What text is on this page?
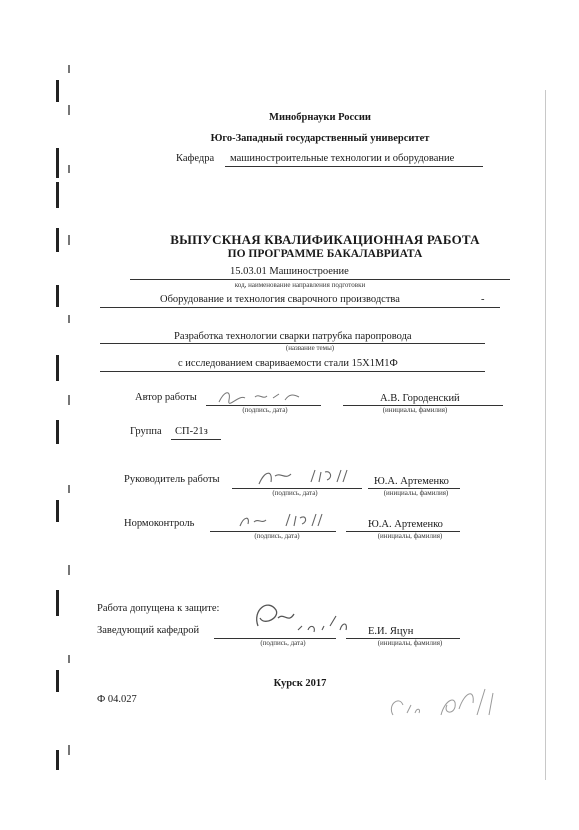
Минобрнауки России
Юго-Западный государственный университет
Кафедра машиностроительные технологии и оборудование
ВЫПУСКНАЯ КВАЛИФИКАЦИОННАЯ РАБОТА
ПО ПРОГРАММЕ БАКАЛАВРИАТА
15.03.01 Машиностроение
код, наименование направления подготовки
Оборудование и технология сварочного производства	-
Разработка технологии сварки патрубка паропровода
(название темы)
с исследованием свариваемости стали 15Х1М1Ф
Автор работы
(подпись, дата)
А.В. Городенский
(инициалы, фамилия)
Группа СП-21з
Руководитель работы
(подпись, дата)
Ю.А. Артеменко
(инициалы, фамилия)
Нормоконтроль
(подпись, дата)
Ю.А. Артеменко
(инициалы, фамилия)
Работа допущена к защите:
Заведующий кафедрой
(подпись, дата)
Е.И. Яцун
(инициалы, фамилия)
Курск 2017
Ф 04.027
